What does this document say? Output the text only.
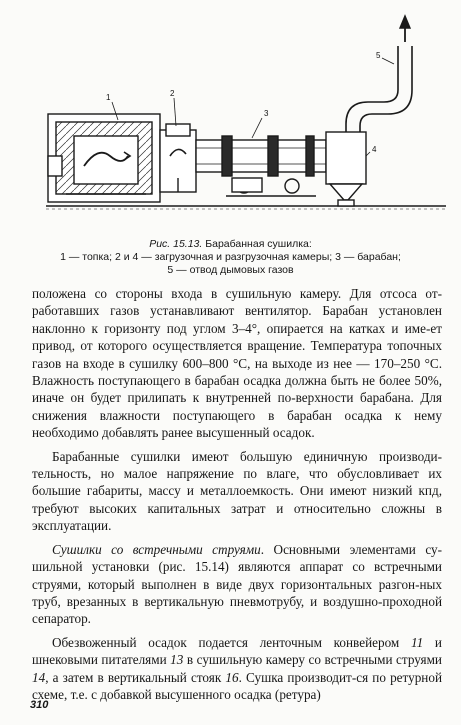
1	2
3
4
5
Рис. 15.13. Барабанная сушилка:
1 — топка; 2 и 4 — загрузочная и разгрузочная камеры; 3 — барабан;
5 — отвод дымовых газов

положена со стороны входа в сушильную камеру. Для отсоса от-работавших газов устанавливают вентилятор. Барабан установлен наклонно к горизонту под углом 3–4°, опирается на катках и име-ет привод, от которого осуществляется вращение. Температура топочных газов на входе в сушилку 600–800 °C, на выходе из нее — 170–250 °C. Влажность поступающего в барабан осадка должна быть не более 50%, иначе он будет прилипать к внутренней по-верхности барабана. Для снижения влажности поступающего в барабан осадка к нему необходимо добавлять ранее высушенный осадок.

Барабанные сушилки имеют большую единичную производи-тельность, но малое напряжение по влаге, что обусловливает их большие габариты, массу и металлоемкость. Они имеют низкий кпд, требуют высоких капитальных затрат и относительно сложны в эксплуатации.

Сушилки со встречными струями. Основными элементами су-шильной установки (рис. 15.14) являются аппарат со встречными струями, который выполнен в виде двух горизонтальных разгон-ных труб, врезанных в вертикальную пневмотрубу, и воздушно-проходной сепаратор.

Обезвоженный осадок подается ленточным конвейером 11 и шнековыми питателями 13 в сушильную камеру со встречными струями 14, а затем в вертикальный стояк 16. Сушка производит-ся по ретурной схеме, т.е. с добавкой высушенного осадка (ретура)

310
